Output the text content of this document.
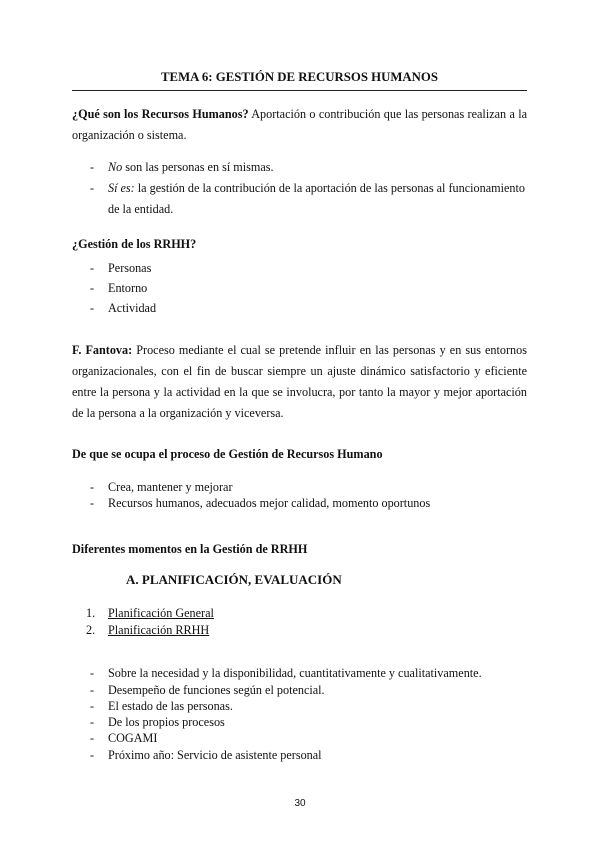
TEMA 6: GESTIÓN DE RECURSOS HUMANOS

¿Qué son los Recursos Humanos? Aportación o contribución que las personas realizan a la organización o sistema.

- No son las personas en sí mismas.
- Sí es: la gestión de la contribución de la aportación de las personas al funcionamiento de la entidad.
¿Gestión de los RRHH?
- Personas
- Entorno
- Actividad

F. Fantova: Proceso mediante el cual se pretende influir en las personas y en sus entornos organizacionales, con el fin de buscar siempre un ajuste dinámico satisfactorio y eficiente entre la persona y la actividad en la que se involucra, por tanto la mayor y mejor aportación de la persona a la organización y viceversa.

De que se ocupa el proceso de Gestión de Recursos Humano
- Crea, mantener y mejorar
- Recursos humanos, adecuados mejor calidad, momento oportunos
Diferentes momentos en la Gestión de RRHH
A. PLANIFICACIÓN, EVALUACIÓN
1. Planificación General
2. Planificación RRHH
- Sobre la necesidad y la disponibilidad, cuantitativamente y cualitativamente.
- Desempeño de funciones según el potencial.
- El estado de las personas.
- De los propios procesos
- COGAMI
- Próximo año: Servicio de asistente personal
30
